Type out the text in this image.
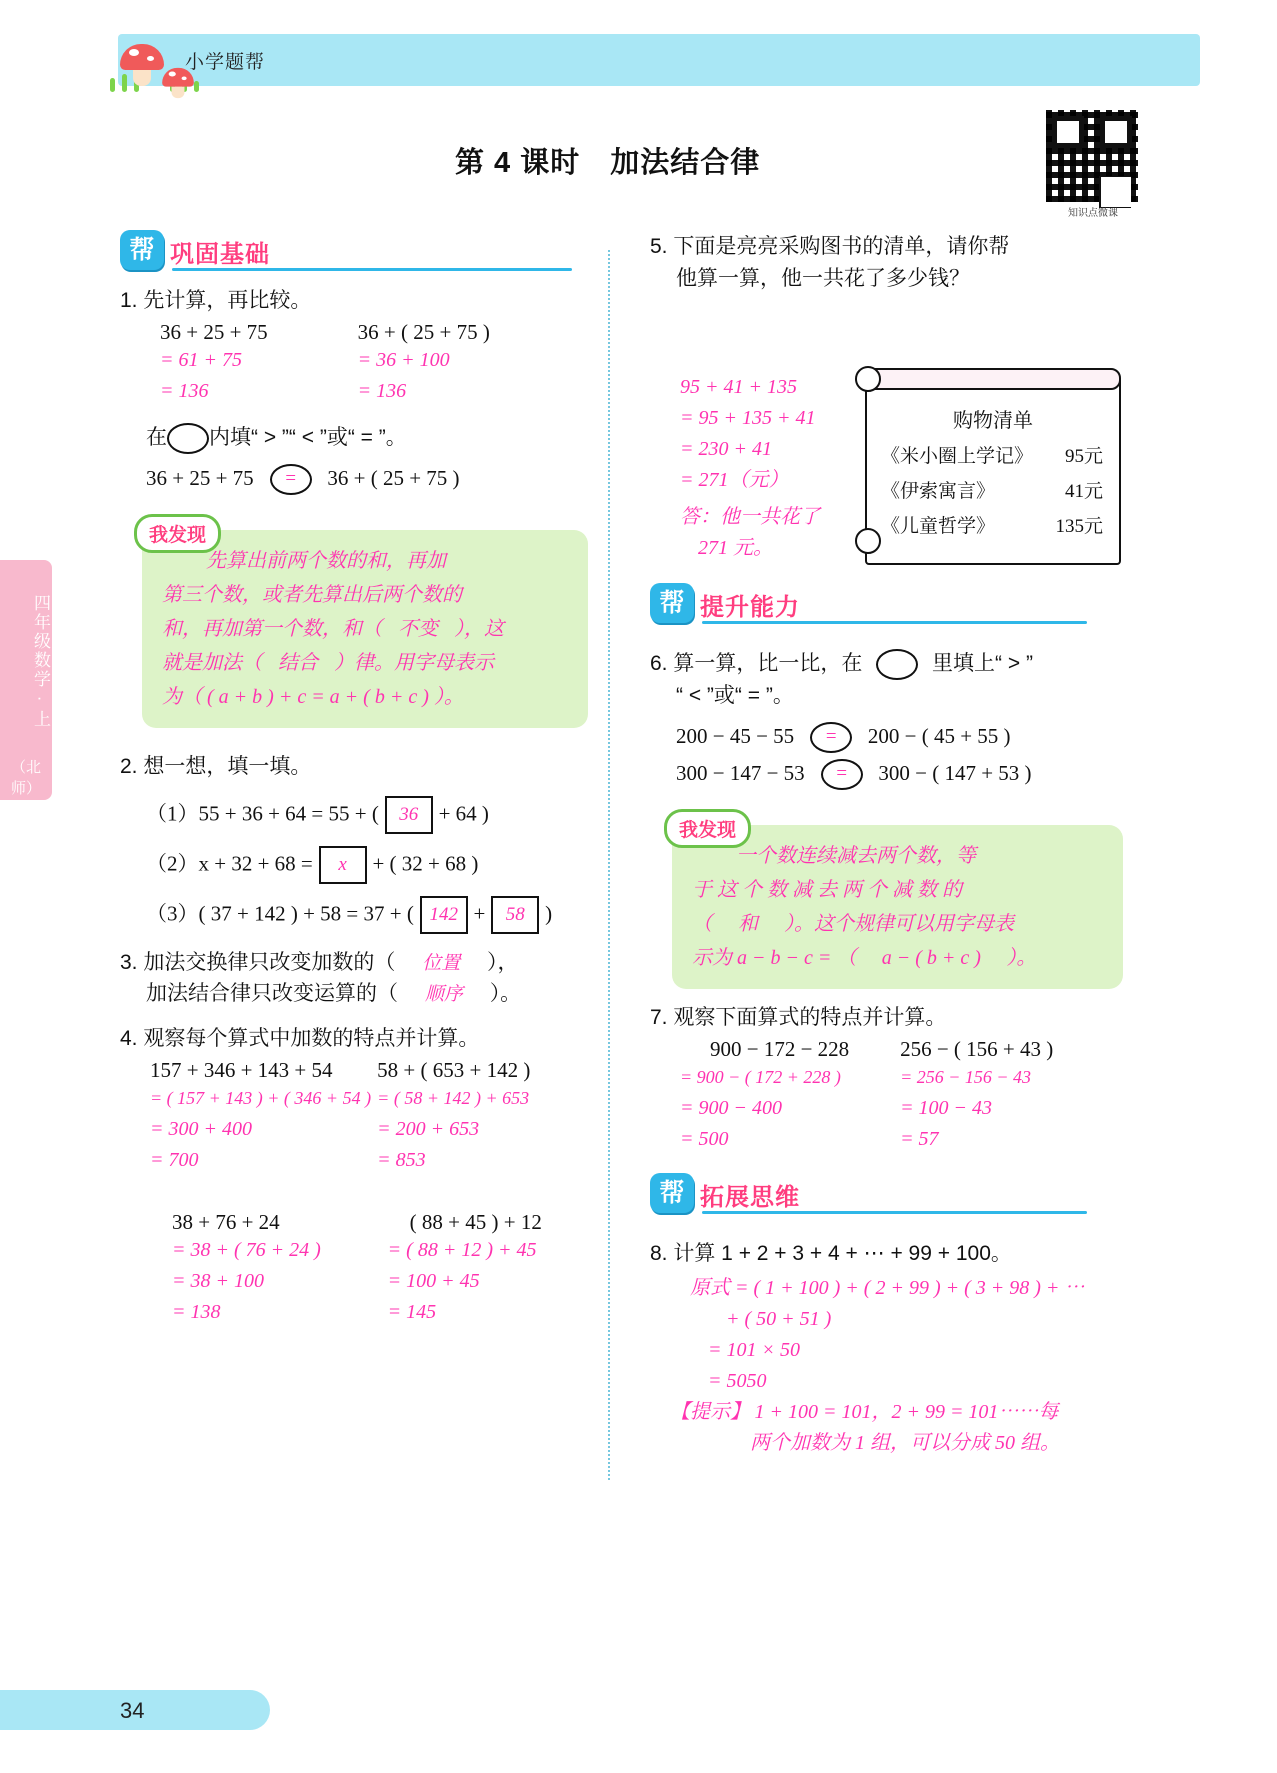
小学题帮
知识点微课
第 4 课时　加法结合律
四年级数学 · 上
（北师）
帮 巩固基础
1. 先计算，再比较。
36 + 25 + 75
= 61 + 75
= 136
36 + ( 25 + 75 )
= 36 + 100
= 136
在 内填“ > ”“ < ”或“ = ”。
36 + 25 + 75 = 36 + ( 25 + 75 )
我发现

先算出前两个数的和，再加

第三个数，或者先算出后两个数的

和，再加第一个数，和（ 不变 ），这

就是加法（ 结合 ）律。用字母表示

为（ ( a + b ) + c = a + ( b + c ) ）。

2. 想一想，填一填。
（1）55 + 36 + 64 = 55 + ( 36 + 64 )
（2）x + 32 + 68 = x + ( 32 + 68 )
（3）( 37 + 142 ) + 58 = 37 + ( 142 + 58 )
3. 加法交换律只改变加数的（ 位置 ），
加法结合律只改变运算的（ 顺序 ）。
4. 观察每个算式中加数的特点并计算。
157 + 346 + 143 + 54
= ( 157 + 143 ) + ( 346 + 54 )
= 300 + 400
= 700
58 + ( 653 + 142 )
= ( 58 + 142 ) + 653
= 200 + 653
= 853
38 + 76 + 24
= 38 + ( 76 + 24 )
= 38 + 100
= 138
( 88 + 45 ) + 12
= ( 88 + 12 ) + 45
= 100 + 45
= 145
5. 下面是亮亮采购图书的清单，请你帮
他算一算，他一共花了多少钱？
95 + 41 + 135
= 95 + 135 + 41
= 230 + 41
= 271（元）
答：他一共花了
271 元。
购物清单
《米小圈上学记》 95元
《伊索寓言》	41元
《儿童哲学》	135元
帮 提升能力
6. 算一算，比一比，在	里填上“ > ”
“ < ”或“ = ”。
200 − 45 − 55 = 200 − ( 45 + 55 )
300 − 147 − 53 = 300 − ( 147 + 53 )
我发现

一个数连续减去两个数，等

于 这 个 数 减 去 两 个 减 数 的

（ 和 ）。这个规律可以用字母表

示为 a − b − c = （ a − ( b + c ) ）。

7. 观察下面算式的特点并计算。
900 − 172 − 228
= 900 − ( 172 + 228 )
= 900 − 400
= 500
256 − ( 156 + 43 )
= 256 − 156 − 43
= 100 − 43
= 57
帮 拓展思维
8. 计算 1 + 2 + 3 + 4 + ⋯ + 99 + 100。
原式 = ( 1 + 100 ) + ( 2 + 99 ) + ( 3 + 98 ) + ⋯
+ ( 50 + 51 )
= 101 × 50
= 5050
【提示】 1 + 100 = 101，2 + 99 = 101⋯⋯每
两个加数为 1 组，可以分成 50 组。
34
